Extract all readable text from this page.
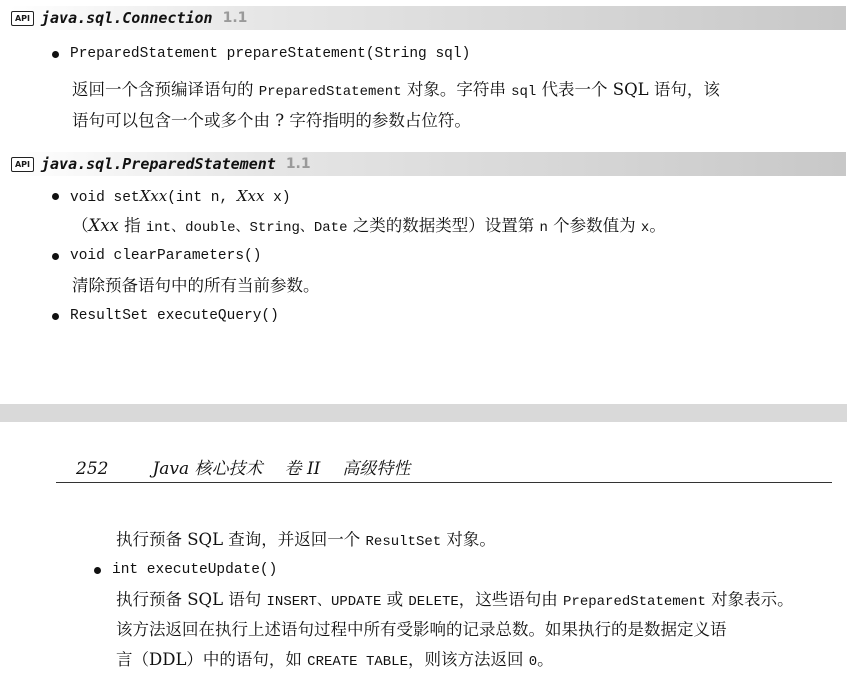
API java.sql.Connection 1.1
PreparedStatement prepareStatement(String sql)
返回一个含预编译语句的 PreparedStatement 对象。字符串 sql 代表一个 SQL 语句，该
语句可以包含一个或多个由 ? 字符指明的参数占位符。
API java.sql.PreparedStatement 1.1
void setXxx(int n, Xxx x)
（Xxx 指 int、double、String、Date 之类的数据类型）设置第 n 个参数值为 x。
void clearParameters()
清除预备语句中的所有当前参数。
ResultSet executeQuery()
252	Java 核心技术 卷 II 高级特性
执行预备 SQL 查询，并返回一个 ResultSet 对象。
int executeUpdate()
执行预备 SQL 语句 INSERT、UPDATE 或 DELETE，这些语句由 PreparedStatement 对象表示。
该方法返回在执行上述语句过程中所有受影响的记录总数。如果执行的是数据定义语
言（DDL）中的语句，如 CREATE TABLE，则该方法返回 0。
